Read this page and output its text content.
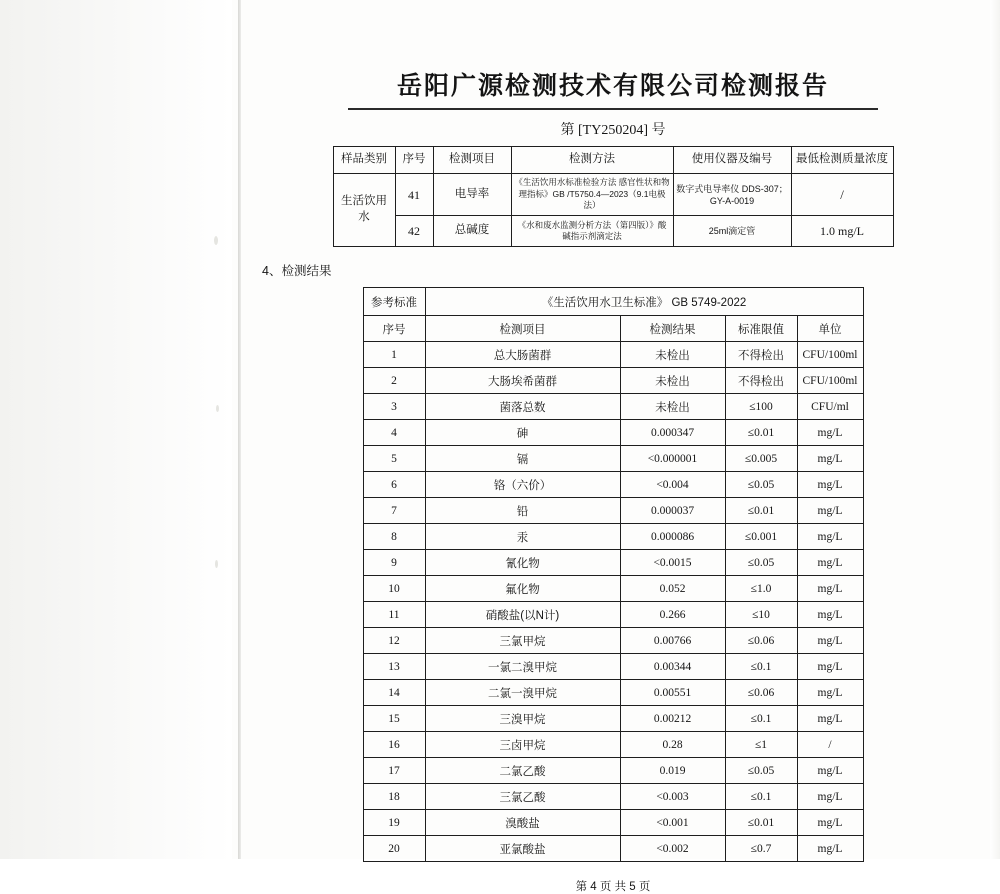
岳阳广源检测技术有限公司检测报告
第 [TY250204] 号
样品类别	序号	检测项目	检测方法	使用仪器及编号	最低检测质量浓度
生活饮用水	41	电导率	《生活饮用水标准检验方法 感官性状和物理指标》GB /T5750.4—2023（9.1电极法）	数字式电导率仪 DDS-307；GY-A-0019	/
	42	总碱度	《水和废水监测分析方法（第四版）》酸碱指示剂滴定法	25ml滴定管	1.0 mg/L
4、检测结果
参考标准	《生活饮用水卫生标准》 GB 5749-2022			
序号	检测项目	检测结果	标准限值	单位
1	总大肠菌群	未检出	不得检出	CFU/100ml
2	大肠埃希菌群	未检出	不得检出	CFU/100ml
3	菌落总数	未检出	≤100	CFU/ml
4	砷	0.000347	≤0.01	mg/L
5	镉	<0.000001	≤0.005	mg/L
6	铬（六价）	<0.004	≤0.05	mg/L
7	铅	0.000037	≤0.01	mg/L
8	汞	0.000086	≤0.001	mg/L
9	氰化物	<0.0015	≤0.05	mg/L
10	氟化物	0.052	≤1.0	mg/L
11	硝酸盐(以N计)	0.266	≤10	mg/L
12	三氯甲烷	0.00766	≤0.06	mg/L
13	一氯二溴甲烷	0.00344	≤0.1	mg/L
14	二氯一溴甲烷	0.00551	≤0.06	mg/L
15	三溴甲烷	0.00212	≤0.1	mg/L
16	三卤甲烷	0.28	≤1	/
17	二氯乙酸	0.019	≤0.05	mg/L
18	三氯乙酸	<0.003	≤0.1	mg/L
19	溴酸盐	<0.001	≤0.01	mg/L
20	亚氯酸盐	<0.002	≤0.7	mg/L
第 4 页 共 5 页
